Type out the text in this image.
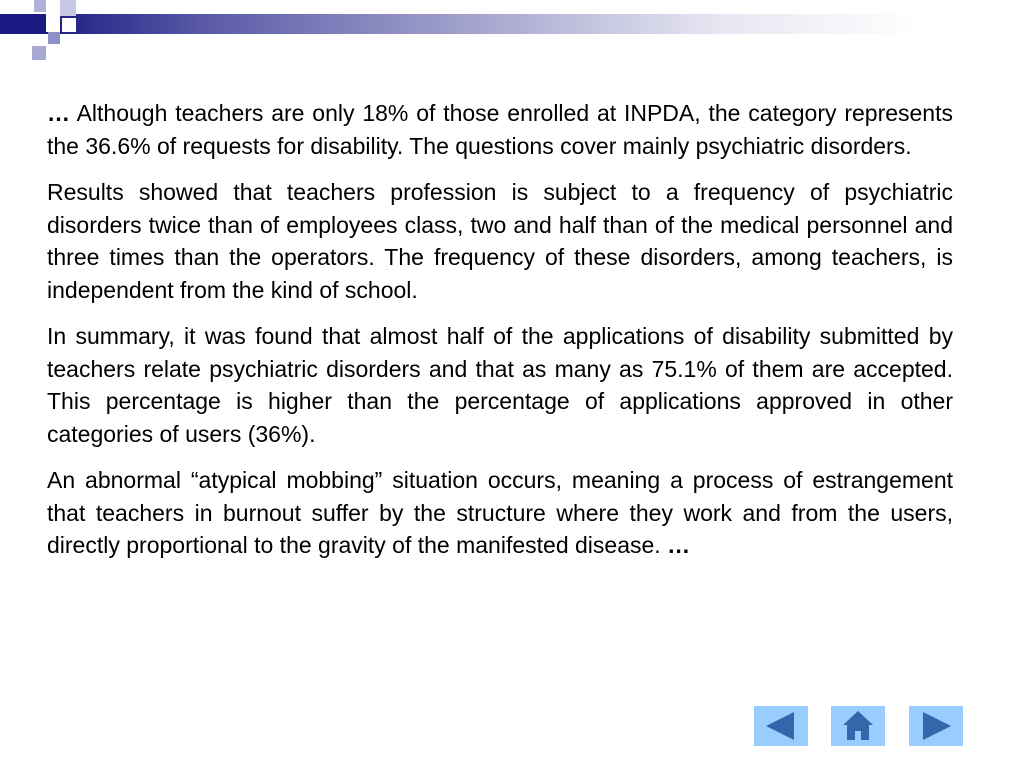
… Although teachers are only 18% of those enrolled at INPDA, the category represents the 36.6% of requests for disability. The questions cover mainly psychiatric disorders.

Results showed that teachers profession is subject to a frequency of psychiatric disorders twice than of employees class, two and half than of the medical personnel and three times than the operators. The frequency of these disorders, among teachers, is independent from the kind of school.

In summary, it was found that almost half of the applications of disability submitted by teachers relate psychiatric disorders and that as many as 75.1% of them are accepted. This percentage is higher than the percentage of applications approved in other categories of users (36%).

An abnormal “atypical mobbing” situation occurs, meaning a process of estrangement that teachers in burnout suffer by the structure where they work and from the users, directly proportional to the gravity of the manifested disease. …
